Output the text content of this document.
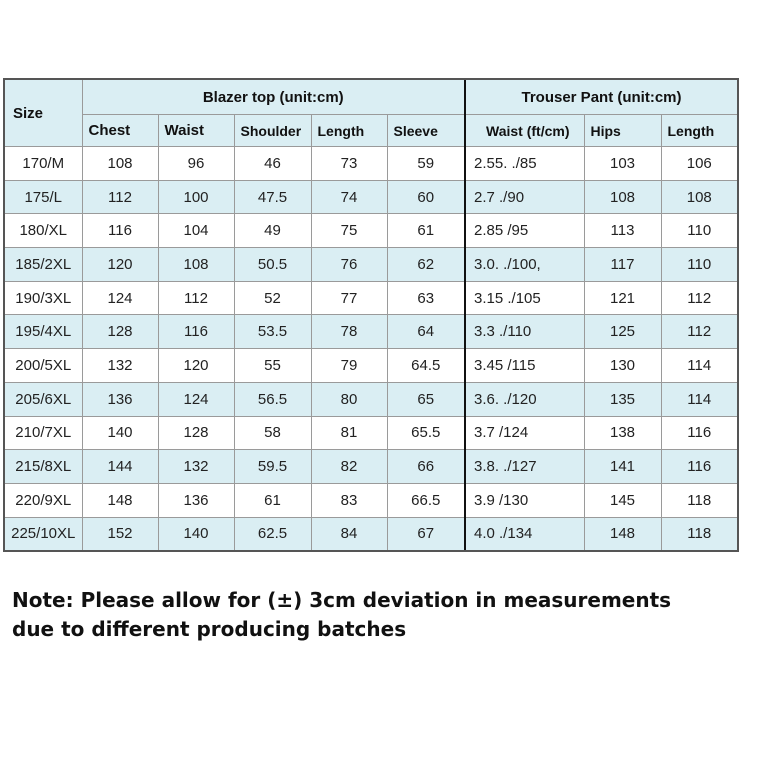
Size	Blazer top (unit:cm)					Trouser Pant (unit:cm)		
	Chest	Waist	Shoulder	Length	Sleeve	Waist (ft/cm)	Hips	Length
170/M	108	96	46	73	59	2.55. ./85	103	106
175/L	112	100	47.5	74	60	2.7 ./90	108	108
180/XL	116	104	49	75	61	2.85 /95	113	110
185/2XL	120	108	50.5	76	62	3.0. ./100,	117	110
190/3XL	124	112	52	77	63	3.15 ./105	121	112
195/4XL	128	116	53.5	78	64	3.3 ./110	125	112
200/5XL	132	120	55	79	64.5	3.45 /115	130	114
205/6XL	136	124	56.5	80	65	3.6. ./120	135	114
210/7XL	140	128	58	81	65.5	3.7 /124	138	116
215/8XL	144	132	59.5	82	66	3.8. ./127	141	116
220/9XL	148	136	61	83	66.5	3.9 /130	145	118
225/10XL	152	140	62.5	84	67	4.0 ./134	148	118
Note: Please allow for (±) 3cm deviation in measurements due to different producing batches
